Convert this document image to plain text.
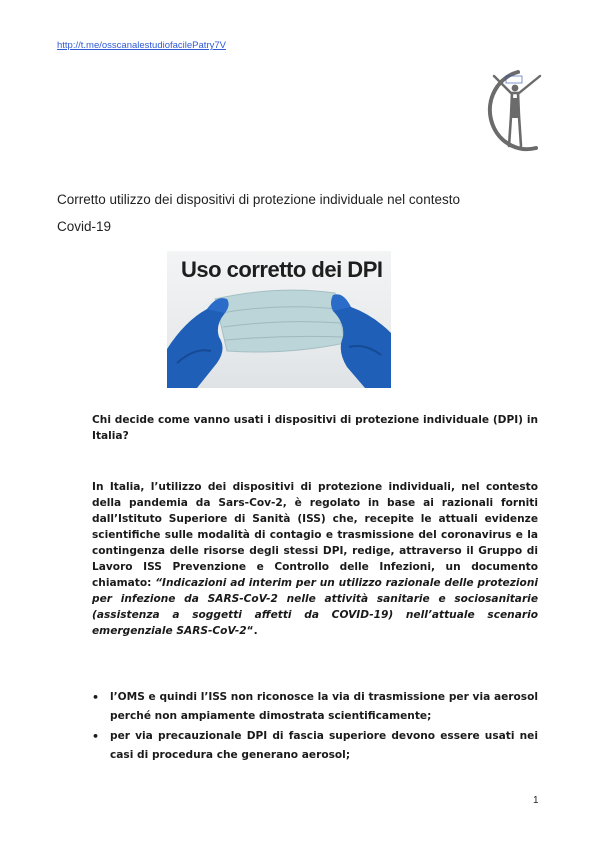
http://t.me/osscanalestudiofacilePatry7V
Corretto utilizzo dei dispositivi di protezione individuale nel contesto
Covid-19
Uso corretto dei DPI

Chi decide come vanno usati i dispositivi di protezione individuale (DPI) in Italia?

In Italia, l’utilizzo dei dispositivi di protezione individuali, nel contesto della pandemia da Sars-Cov-2, è regolato in base ai razionali forniti dall’Istituto Superiore di Sanità (ISS) che, recepite le attuali evidenze scientifiche sulle modalità di contagio e trasmissione del coronavirus e la contingenza delle risorse degli stessi DPI, redige, attraverso il Gruppo di Lavoro ISS Prevenzione e Controllo delle Infezioni, un documento chiamato: “Indicazioni ad interim per un utilizzo razionale delle protezioni per infezione da SARS-CoV-2 nelle attività sanitarie e sociosanitarie (assistenza a soggetti affetti da COVID-19) nell’attuale scenario emergenziale SARS-CoV-2“.

• l’OMS e quindi l’ISS non riconosce la via di trasmissione per via aerosol perché non ampiamente dimostrata scientificamente;
• per via precauzionale DPI di fascia superiore devono essere usati nei casi di procedura che generano aerosol;
1
